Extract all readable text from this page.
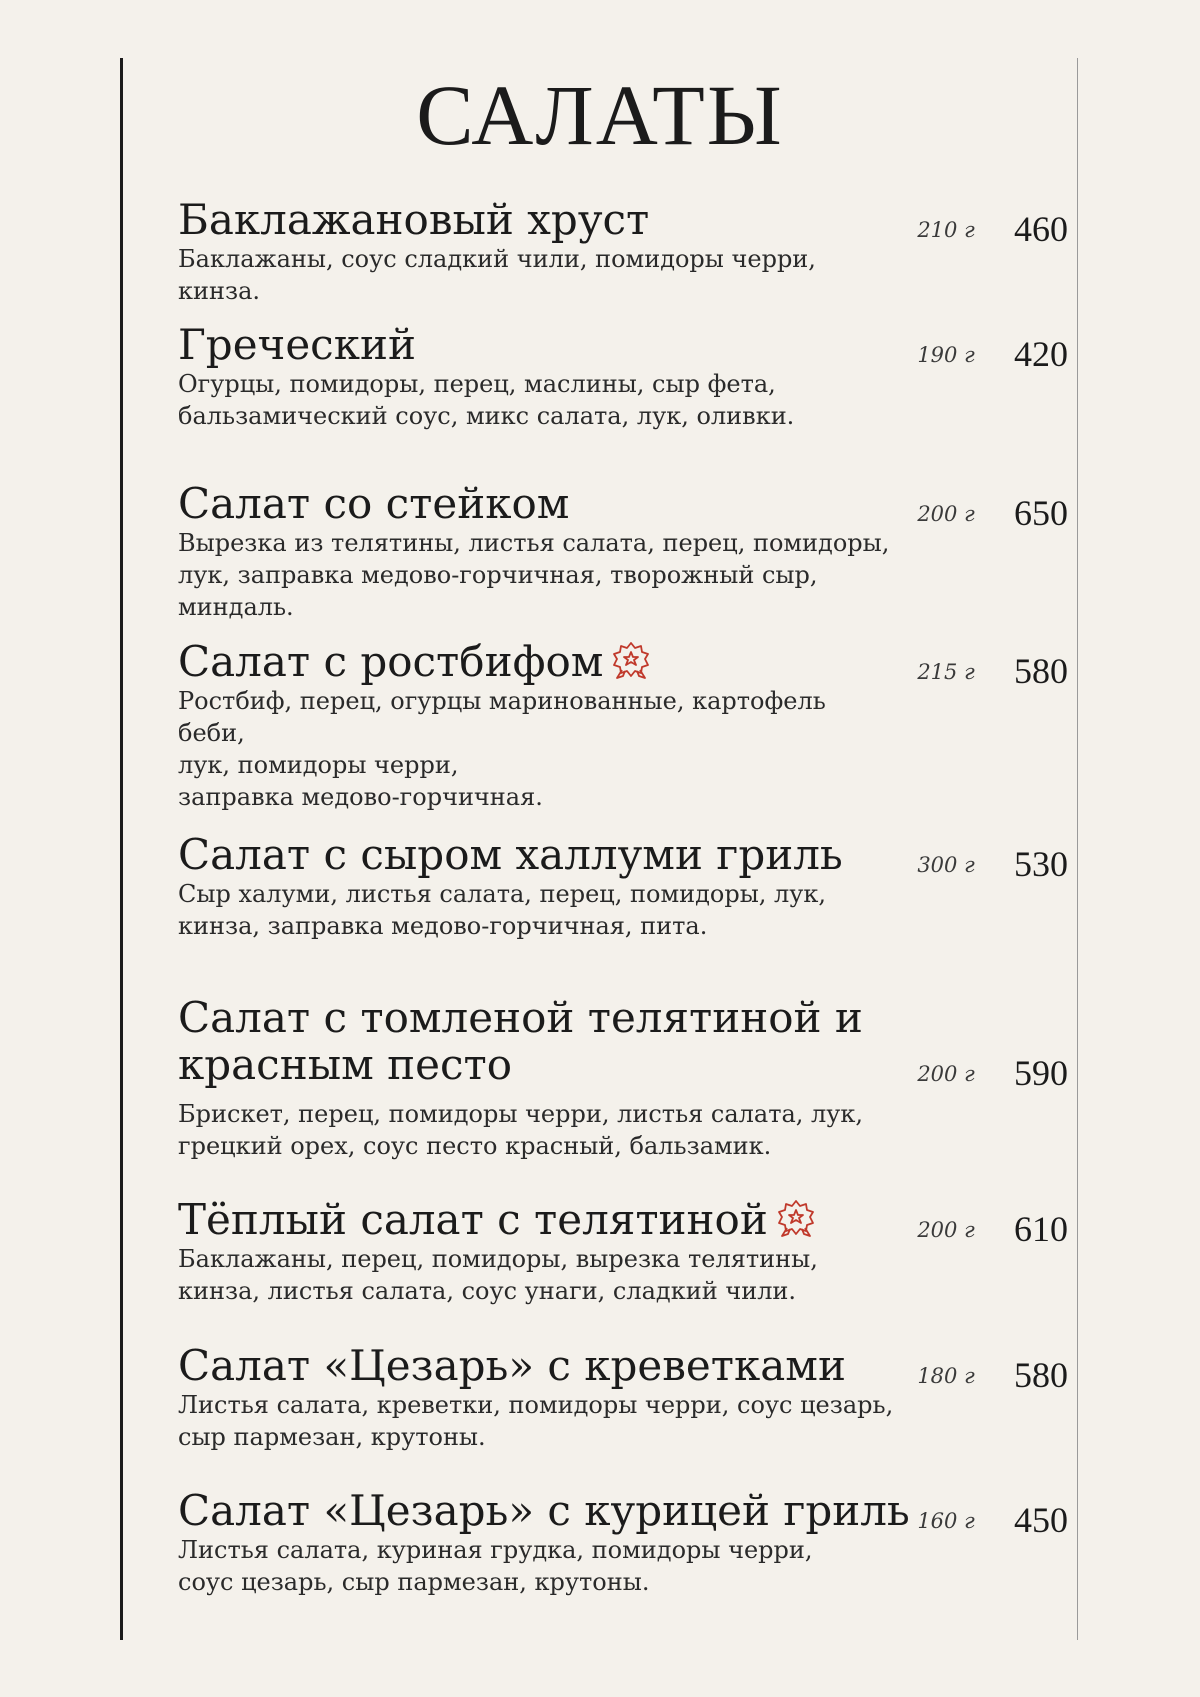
САЛАТЫ
Баклажановый хруст
Баклажаны, соус сладкий чили, помидоры черри, кинза.
210 г	460
Греческий
Огурцы, помидоры, перец, маслины, сыр фета,
бальзамический соус, микс салата, лук, оливки.
190 г	420
Салат со стейком
Вырезка из телятины, листья салата, перец, помидоры,
лук, заправка медово-горчичная, творожный сыр, миндаль.
200 г	650
Салат с ростбифом
Ростбиф, перец, огурцы маринованные, картофель беби,
лук, помидоры черри,
заправка медово-горчичная.
215 г	580
Салат с сыром халлуми гриль
Сыр халуми, листья салата, перец, помидоры, лук,
кинза, заправка медово-горчичная, пита.
300 г	530
Салат с томленой телятиной и
красным песто
Брискет, перец, помидоры черри, листья салата, лук,
грецкий орех, соус песто красный, бальзамик.
200 г	590
Тёплый салат с телятиной
Баклажаны, перец, помидоры, вырезка телятины,
кинза, листья салата, соус унаги, сладкий чили.
200 г	610
Салат «Цезарь» с креветками
Листья салата, креветки, помидоры черри, соус цезарь,
сыр пармезан, крутоны.
180 г	580
Салат «Цезарь» с курицей гриль
Листья салата, куриная грудка, помидоры черри,
соус цезарь, сыр пармезан, крутоны.
160 г	450
